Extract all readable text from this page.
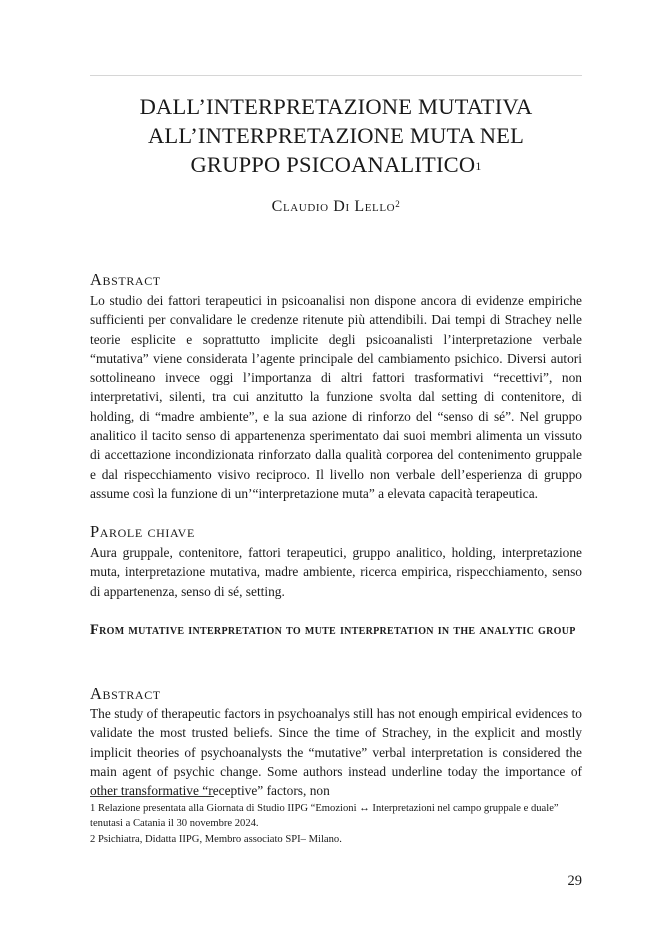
DALL’INTERPRETAZIONE MUTATIVA
ALL’INTERPRETAZIONE MUTA NEL
GRUPPO PSICOANALITICO$^1$
Claudio Di Lello$^2$
Abstract
Lo studio dei fattori terapeutici in psicoanalisi non dispone ancora di evidenze empiriche sufficienti per convalidare le credenze ritenute più attendibili. Dai tempi di Strachey nelle teorie esplicite e soprattutto implicite degli psicoanalisti l’interpretazione verbale “mutativa” viene considerata l’agente principale del cambiamento psichico. Diversi autori sottolineano invece oggi l’importanza di altri fattori trasformativi “recettivi”, non interpretativi, silenti, tra cui anzitutto la funzione svolta dal setting di contenitore, di holding, di “madre ambiente”, e la sua azione di rinforzo del “senso di sé”. Nel gruppo analitico il tacito senso di appartenenza sperimentato dai suoi membri alimenta un vissuto di accettazione incondizionata rinforzato dalla qualità corporea del contenimento gruppale e dal rispecchiamento visivo reciproco. Il livello non verbale dell’esperienza di gruppo assume così la funzione di un’“interpretazione muta” a elevata capacità terapeutica.
Parole chiave
Aura gruppale, contenitore, fattori terapeutici, gruppo analitico, holding, interpretazione muta, interpretazione mutativa, madre ambiente, ricerca empirica, rispecchiamento, senso di appartenenza, senso di sé, setting.
From mutative interpretation to mute interpretation in the analytic group
Abstract
The study of therapeutic factors in psychoanalys still has not enough empirical evidences to validate the most trusted beliefs. Since the time of Strachey, in the explicit and mostly implicit theories of psychoanalysts the “mutative” verbal interpretation is considered the main agent of psychic change. Some authors instead underline today the importance of other transformative “receptive” factors, non
1 Relazione presentata alla Giornata di Studio IIPG “Emozioni ↔ Interpretazioni nel campo gruppale e duale” tenutasi a Catania il 30 novembre 2024.
2 Psichiatra, Didatta IIPG, Membro associato SPI– Milano.
29
